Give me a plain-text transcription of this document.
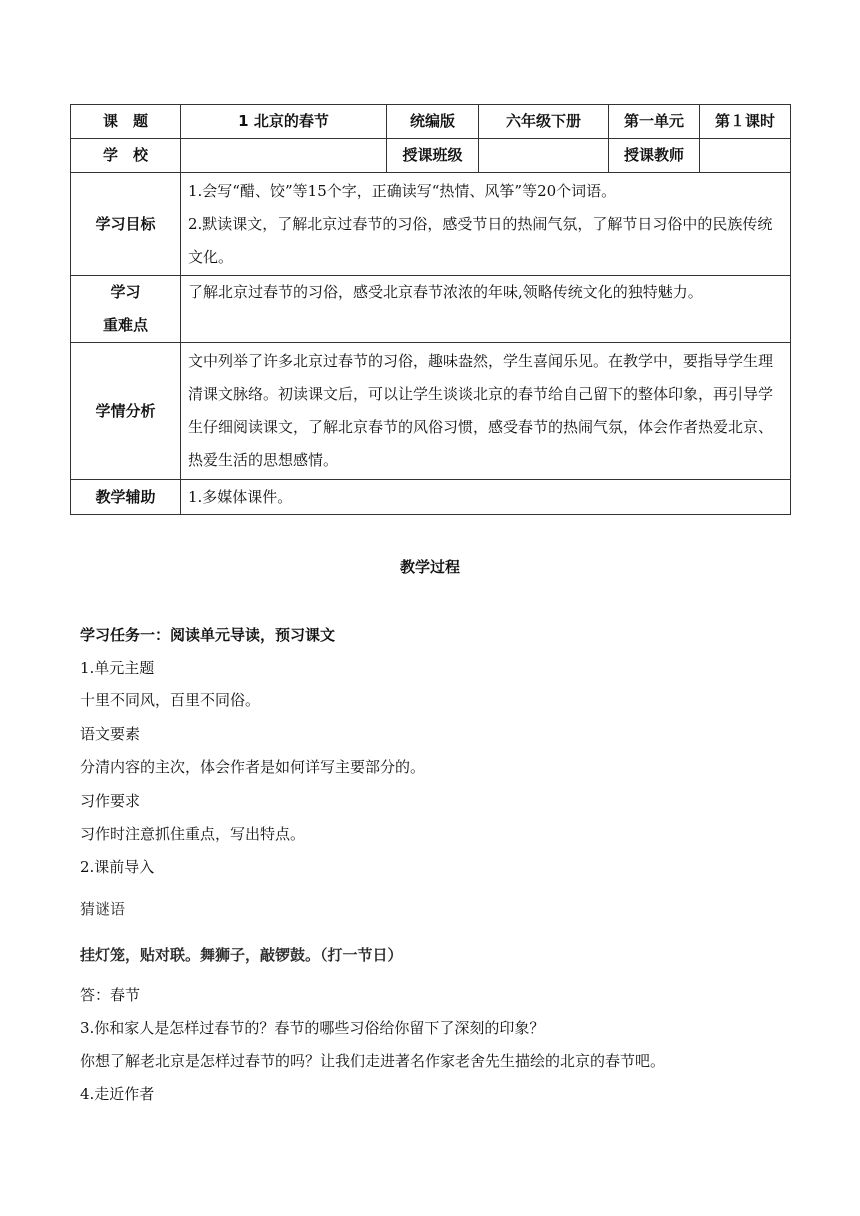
课　题	1 北京的春节	统编版	六年级下册	第一单元	第１课时
学　校		授课班级		授课教师	
学习目标	1.会写“醋、饺”等15个字，正确读写“热情、风筝”等20个词语。

2.默读课文，了解北京过春节的习俗，感受节日的热闹气氛，了解节日习俗中的民族传统文化。				

学习

重难点	了解北京过春节的习俗，感受北京春节浓浓的年味,领略传统文化的独特魅力。				

学情分析	文中列举了许多北京过春节的习俗，趣味盎然，学生喜闻乐见。在教学中，要指导学生理清课文脉络。初读课文后，可以让学生谈谈北京的春节给自己留下的整体印象，再引导学生仔细阅读课文，了解北京春节的风俗习惯，感受春节的热闹气氛，体会作者热爱北京、热爱生活的思想感情。				

教学辅助	1.多媒体课件。				
教学过程
学习任务一：阅读单元导读，预习课文
1.单元主题
十里不同风，百里不同俗。
语文要素
分清内容的主次，体会作者是如何详写主要部分的。
习作要求
习作时注意抓住重点，写出特点。
2.课前导入
猜谜语
挂灯笼，贴对联。舞狮子，敲锣鼓。（打一节日）
答：春节
3.你和家人是怎样过春节的？春节的哪些习俗给你留下了深刻的印象？
你想了解老北京是怎样过春节的吗？让我们走进著名作家老舍先生描绘的北京的春节吧。
4.走近作者
